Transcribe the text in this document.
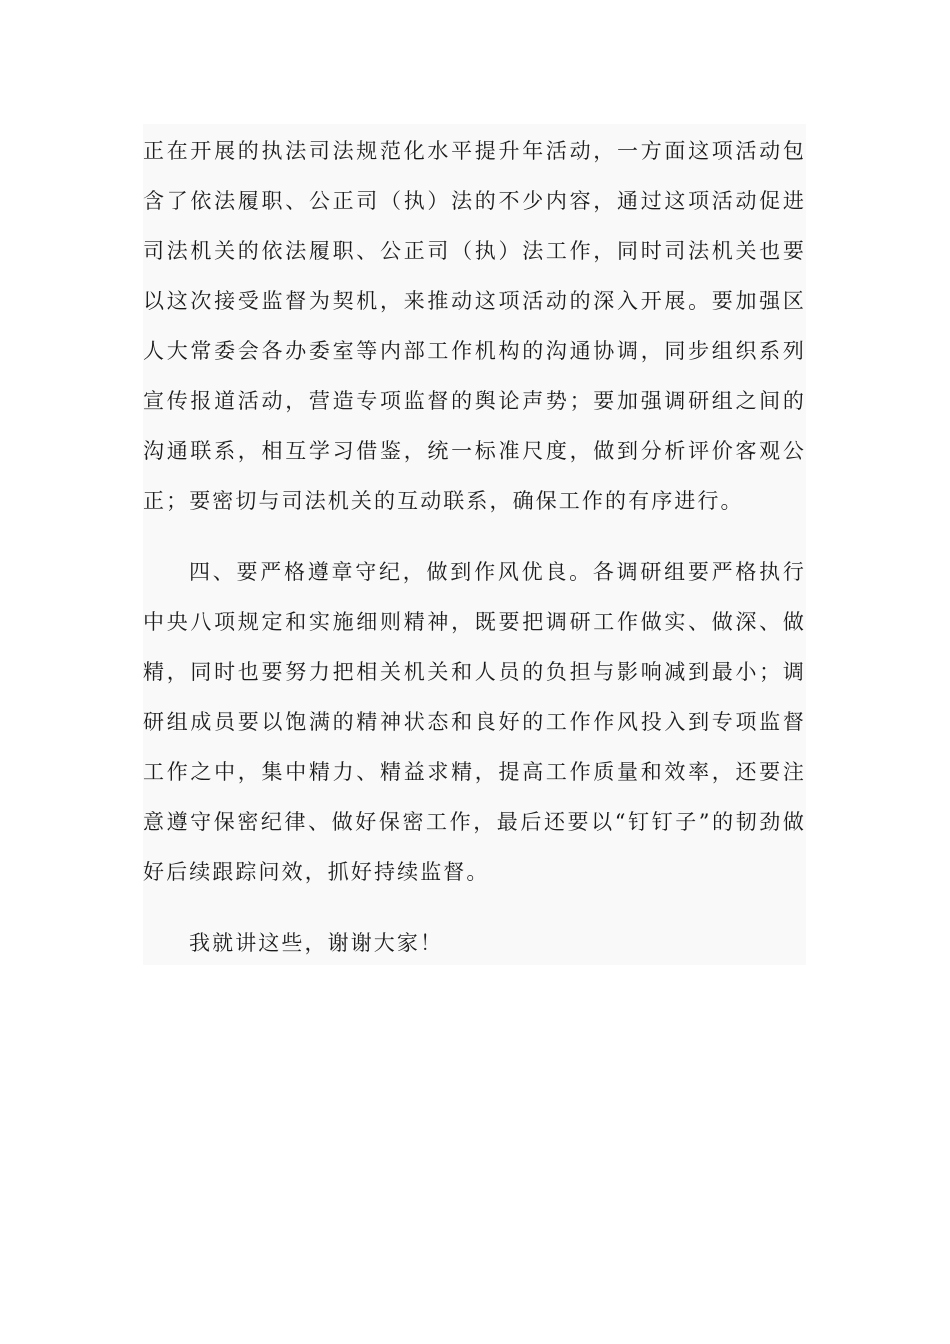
正在开展的执法司法规范化水平提升年活动，一方面这项活动包含了依法履职、公正司（执）法的不少内容，通过这项活动促进司法机关的依法履职、公正司（执）法工作，同时司法机关也要以这次接受监督为契机，来推动这项活动的深入开展。要加强区人大常委会各办委室等内部工作机构的沟通协调，同步组织系列宣传报道活动，营造专项监督的舆论声势；要加强调研组之间的沟通联系，相互学习借鉴，统一标准尺度，做到分析评价客观公正；要密切与司法机关的互动联系，确保工作的有序进行。

四、要严格遵章守纪，做到作风优良。各调研组要严格执行中央八项规定和实施细则精神，既要把调研工作做实、做深、做精，同时也要努力把相关机关和人员的负担与影响减到最小；调研组成员要以饱满的精神状态和良好的工作作风投入到专项监督工作之中，集中精力、精益求精，提高工作质量和效率，还要注意遵守保密纪律、做好保密工作，最后还要以“钉钉子”的韧劲做好后续跟踪问效，抓好持续监督。

我就讲这些，谢谢大家！
